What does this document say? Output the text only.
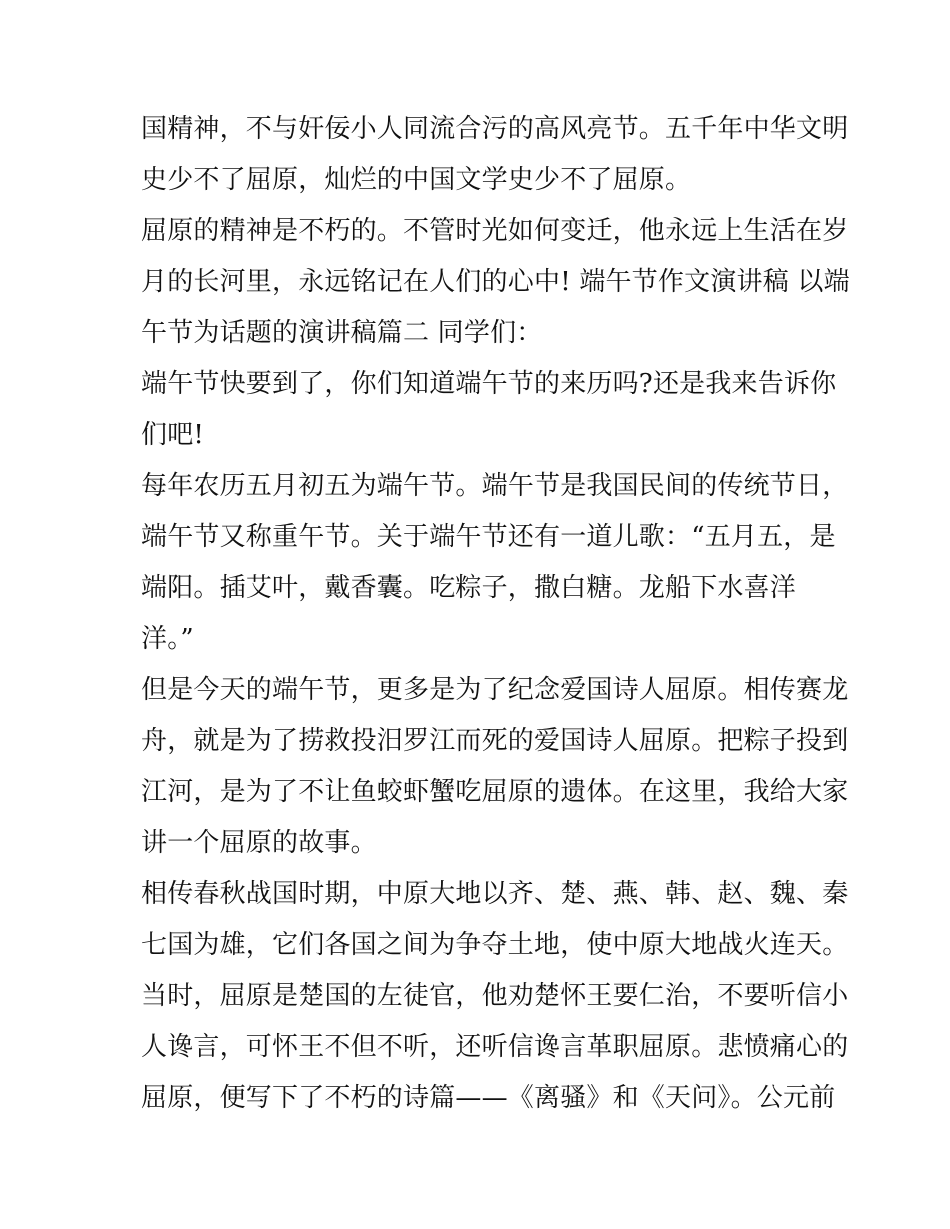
国精神，不与奸佞小人同流合污的高风亮节。五千年中华文明

史少不了屈原，灿烂的中国文学史少不了屈原。

屈原的精神是不朽的。不管时光如何变迁，他永远上生活在岁

月的长河里，永远铭记在人们的心中! 端午节作文演讲稿 以端

午节为话题的演讲稿篇二 同学们：

端午节快要到了，你们知道端午节的来历吗?还是我来告诉你

们吧!

每年农历五月初五为端午节。端午节是我国民间的传统节日，

端午节又称重午节。关于端午节还有一道儿歌：“五月五，是

端阳。插艾叶，戴香囊。吃粽子，撒白糖。龙船下水喜洋

洋。”

但是今天的端午节，更多是为了纪念爱国诗人屈原。相传赛龙

舟，就是为了捞救投汨罗江而死的爱国诗人屈原。把粽子投到

江河，是为了不让鱼蛟虾蟹吃屈原的遗体。在这里，我给大家

讲一个屈原的故事。

相传春秋战国时期，中原大地以齐、楚、燕、韩、赵、魏、秦

七国为雄，它们各国之间为争夺土地，使中原大地战火连天。

当时，屈原是楚国的左徒官，他劝楚怀王要仁治，不要听信小

人谗言，可怀王不但不听，还听信谗言革职屈原。悲愤痛心的

屈原，便写下了不朽的诗篇——《离骚》和《天问》。公元前
